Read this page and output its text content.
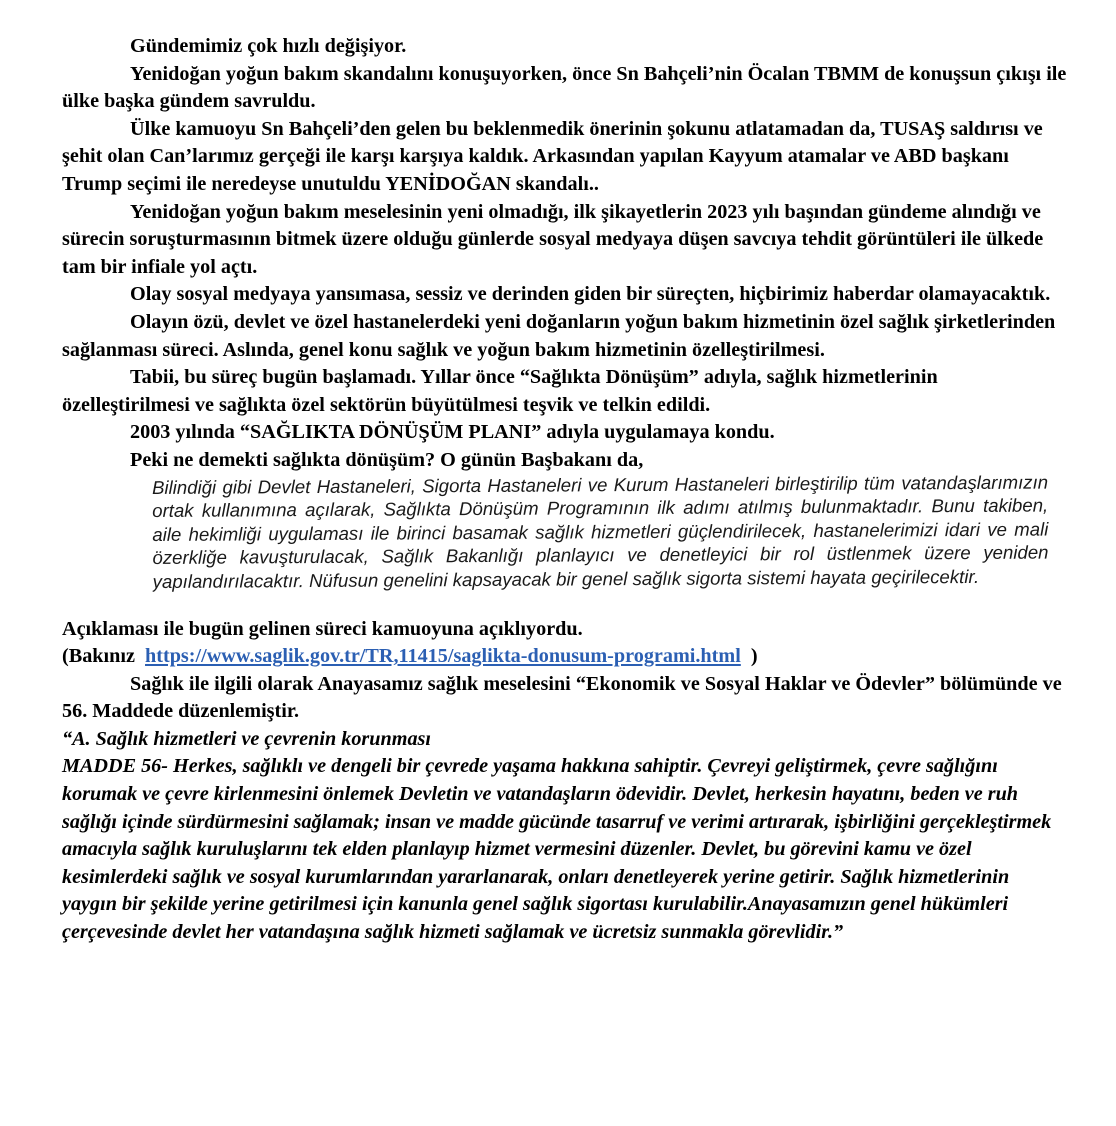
Gündemimiz çok hızlı değişiyor.

Yenidoğan yoğun bakım skandalını konuşuyorken, önce Sn Bahçeli’nin Öcalan TBMM de konuşsun çıkışı ile ülke başka gündem savruldu.

Ülke kamuoyu Sn Bahçeli’den gelen bu beklenmedik önerinin şokunu atlatamadan da, TUSAŞ saldırısı ve şehit olan Can’larımız gerçeği ile karşı karşıya kaldık. Arkasından yapılan Kayyum atamalar ve ABD başkanı Trump seçimi ile neredeyse unutuldu YENİDOĞAN skandalı..

Yenidoğan yoğun bakım meselesinin yeni olmadığı, ilk şikayetlerin 2023 yılı başından gündeme alındığı ve sürecin soruşturmasının bitmek üzere olduğu günlerde sosyal medyaya düşen savcıya tehdit görüntüleri ile ülkede tam bir infiale yol açtı.

Olay sosyal medyaya yansımasa, sessiz ve derinden giden bir süreçten, hiçbirimiz haberdar olamayacaktık.

Olayın özü, devlet ve özel hastanelerdeki yeni doğanların yoğun bakım hizmetinin özel sağlık şirketlerinden sağlanması süreci. Aslında, genel konu sağlık ve yoğun bakım hizmetinin özelleştirilmesi.

Tabii, bu süreç bugün başlamadı. Yıllar önce “Sağlıkta Dönüşüm” adıyla, sağlık hizmetlerinin özelleştirilmesi ve sağlıkta özel sektörün büyütülmesi teşvik ve telkin edildi.

2003 yılında “SAĞLIKTA DÖNÜŞÜM PLANI” adıyla uygulamaya kondu.

Peki ne demekti sağlıkta dönüşüm? O günün Başbakanı da,

Bilindiği gibi Devlet Hastaneleri, Sigorta Hastaneleri ve Kurum Hastaneleri birleştirilip tüm vatandaşlarımızın ortak kullanımına açılarak, Sağlıkta Dönüşüm Programının ilk adımı atılmış bulunmaktadır. Bunu takiben, aile hekimliği uygulaması ile birinci basamak sağlık hizmetleri güçlendirilecek, hastanelerimizi idari ve mali özerkliğe kavuşturulacak, Sağlık Bakanlığı planlayıcı ve denetleyici bir rol üstlenmek üzere yeniden yapılandırılacaktır. Nüfusun genelini kapsayacak bir genel sağlık sigorta sistemi hayata geçirilecektir.

Açıklaması ile bugün gelinen süreci kamuoyuna açıklıyordu.

(Bakınız https://www.saglik.gov.tr/TR,11415/saglikta-donusum-programi.html )

Sağlık ile ilgili olarak Anayasamız sağlık meselesini “Ekonomik ve Sosyal Haklar ve Ödevler” bölümünde ve 56. Maddede düzenlemiştir.

“A. Sağlık hizmetleri ve çevrenin korunması

MADDE 56- Herkes, sağlıklı ve dengeli bir çevrede yaşama hakkına sahiptir. Çevreyi geliştirmek, çevre sağlığını korumak ve çevre kirlenmesini önlemek Devletin ve vatandaşların ödevidir. Devlet, herkesin hayatını, beden ve ruh sağlığı içinde sürdürmesini sağlamak; insan ve madde gücünde tasarruf ve verimi artırarak, işbirliğini gerçekleştirmek amacıyla sağlık kuruluşlarını tek elden planlayıp hizmet vermesini düzenler. Devlet, bu görevini kamu ve özel kesimlerdeki sağlık ve sosyal kurumlarından yararlanarak, onları denetleyerek yerine getirir. Sağlık hizmetlerinin yaygın bir şekilde yerine getirilmesi için kanunla genel sağlık sigortası kurulabilir.Anayasamızın genel hükümleri çerçevesinde devlet her vatandaşına sağlık hizmeti sağlamak ve ücretsiz sunmakla görevlidir.”
